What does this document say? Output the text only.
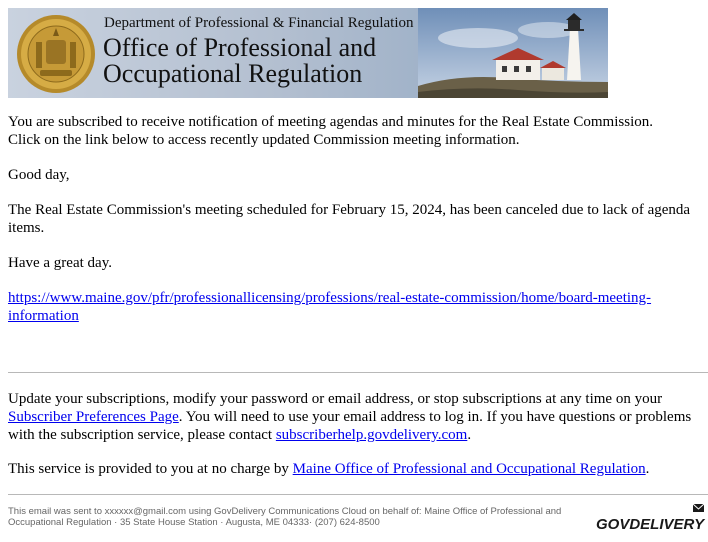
Department of Professional & Financial Regulation
Office of Professional and
Occupational Regulation

You are subscribed to receive notification of meeting agendas and minutes for the Real Estate Commission.
Click on the link below to access recently updated Commission meeting information.

Good day,

The Real Estate Commission's meeting scheduled for February 15, 2024, has been canceled due to lack of agenda items.

Have a great day.

https://www.maine.gov/pfr/professionallicensing/professions/real-estate-commission/home/board-meeting-information

Update your subscriptions, modify your password or email address, or stop subscriptions at any time on your Subscriber Preferences Page. You will need to use your email address to log in. If you have questions or problems with the subscription service, please contact subscriberhelp.govdelivery.com.

This service is provided to you at no charge by Maine Office of Professional and Occupational Regulation.

This email was sent to xxxxxx@gmail.com using GovDelivery Communications Cloud on behalf of: Maine Office of Professional and Occupational Regulation · 35 State House Station · Augusta, ME 04333· (207) 624-8500	GOVDELIVERY
